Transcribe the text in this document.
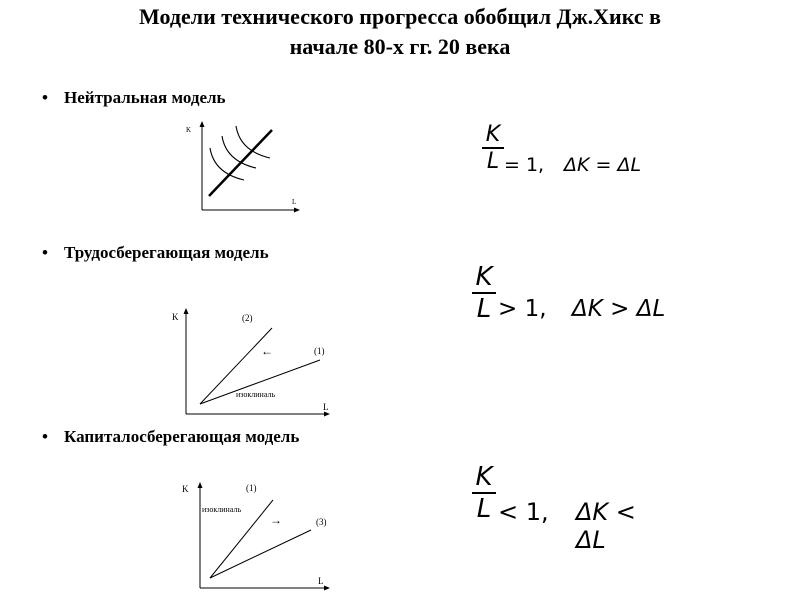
Модели технического прогресса обобщил Дж.Хикс в
начале 80-х гг. 20 века
• Нейтральная модель
K
L
K
L = 1, ΔK = ΔL
• Трудосберегающая модель
K
L
(2)
(1)
←
изоклиналь
K
L > 1, ΔK > ΔL
• Капиталосберегающая модель
K
L
(1)
(3)
→
изоклиналь
K
L < 1, ΔK < ΔL
